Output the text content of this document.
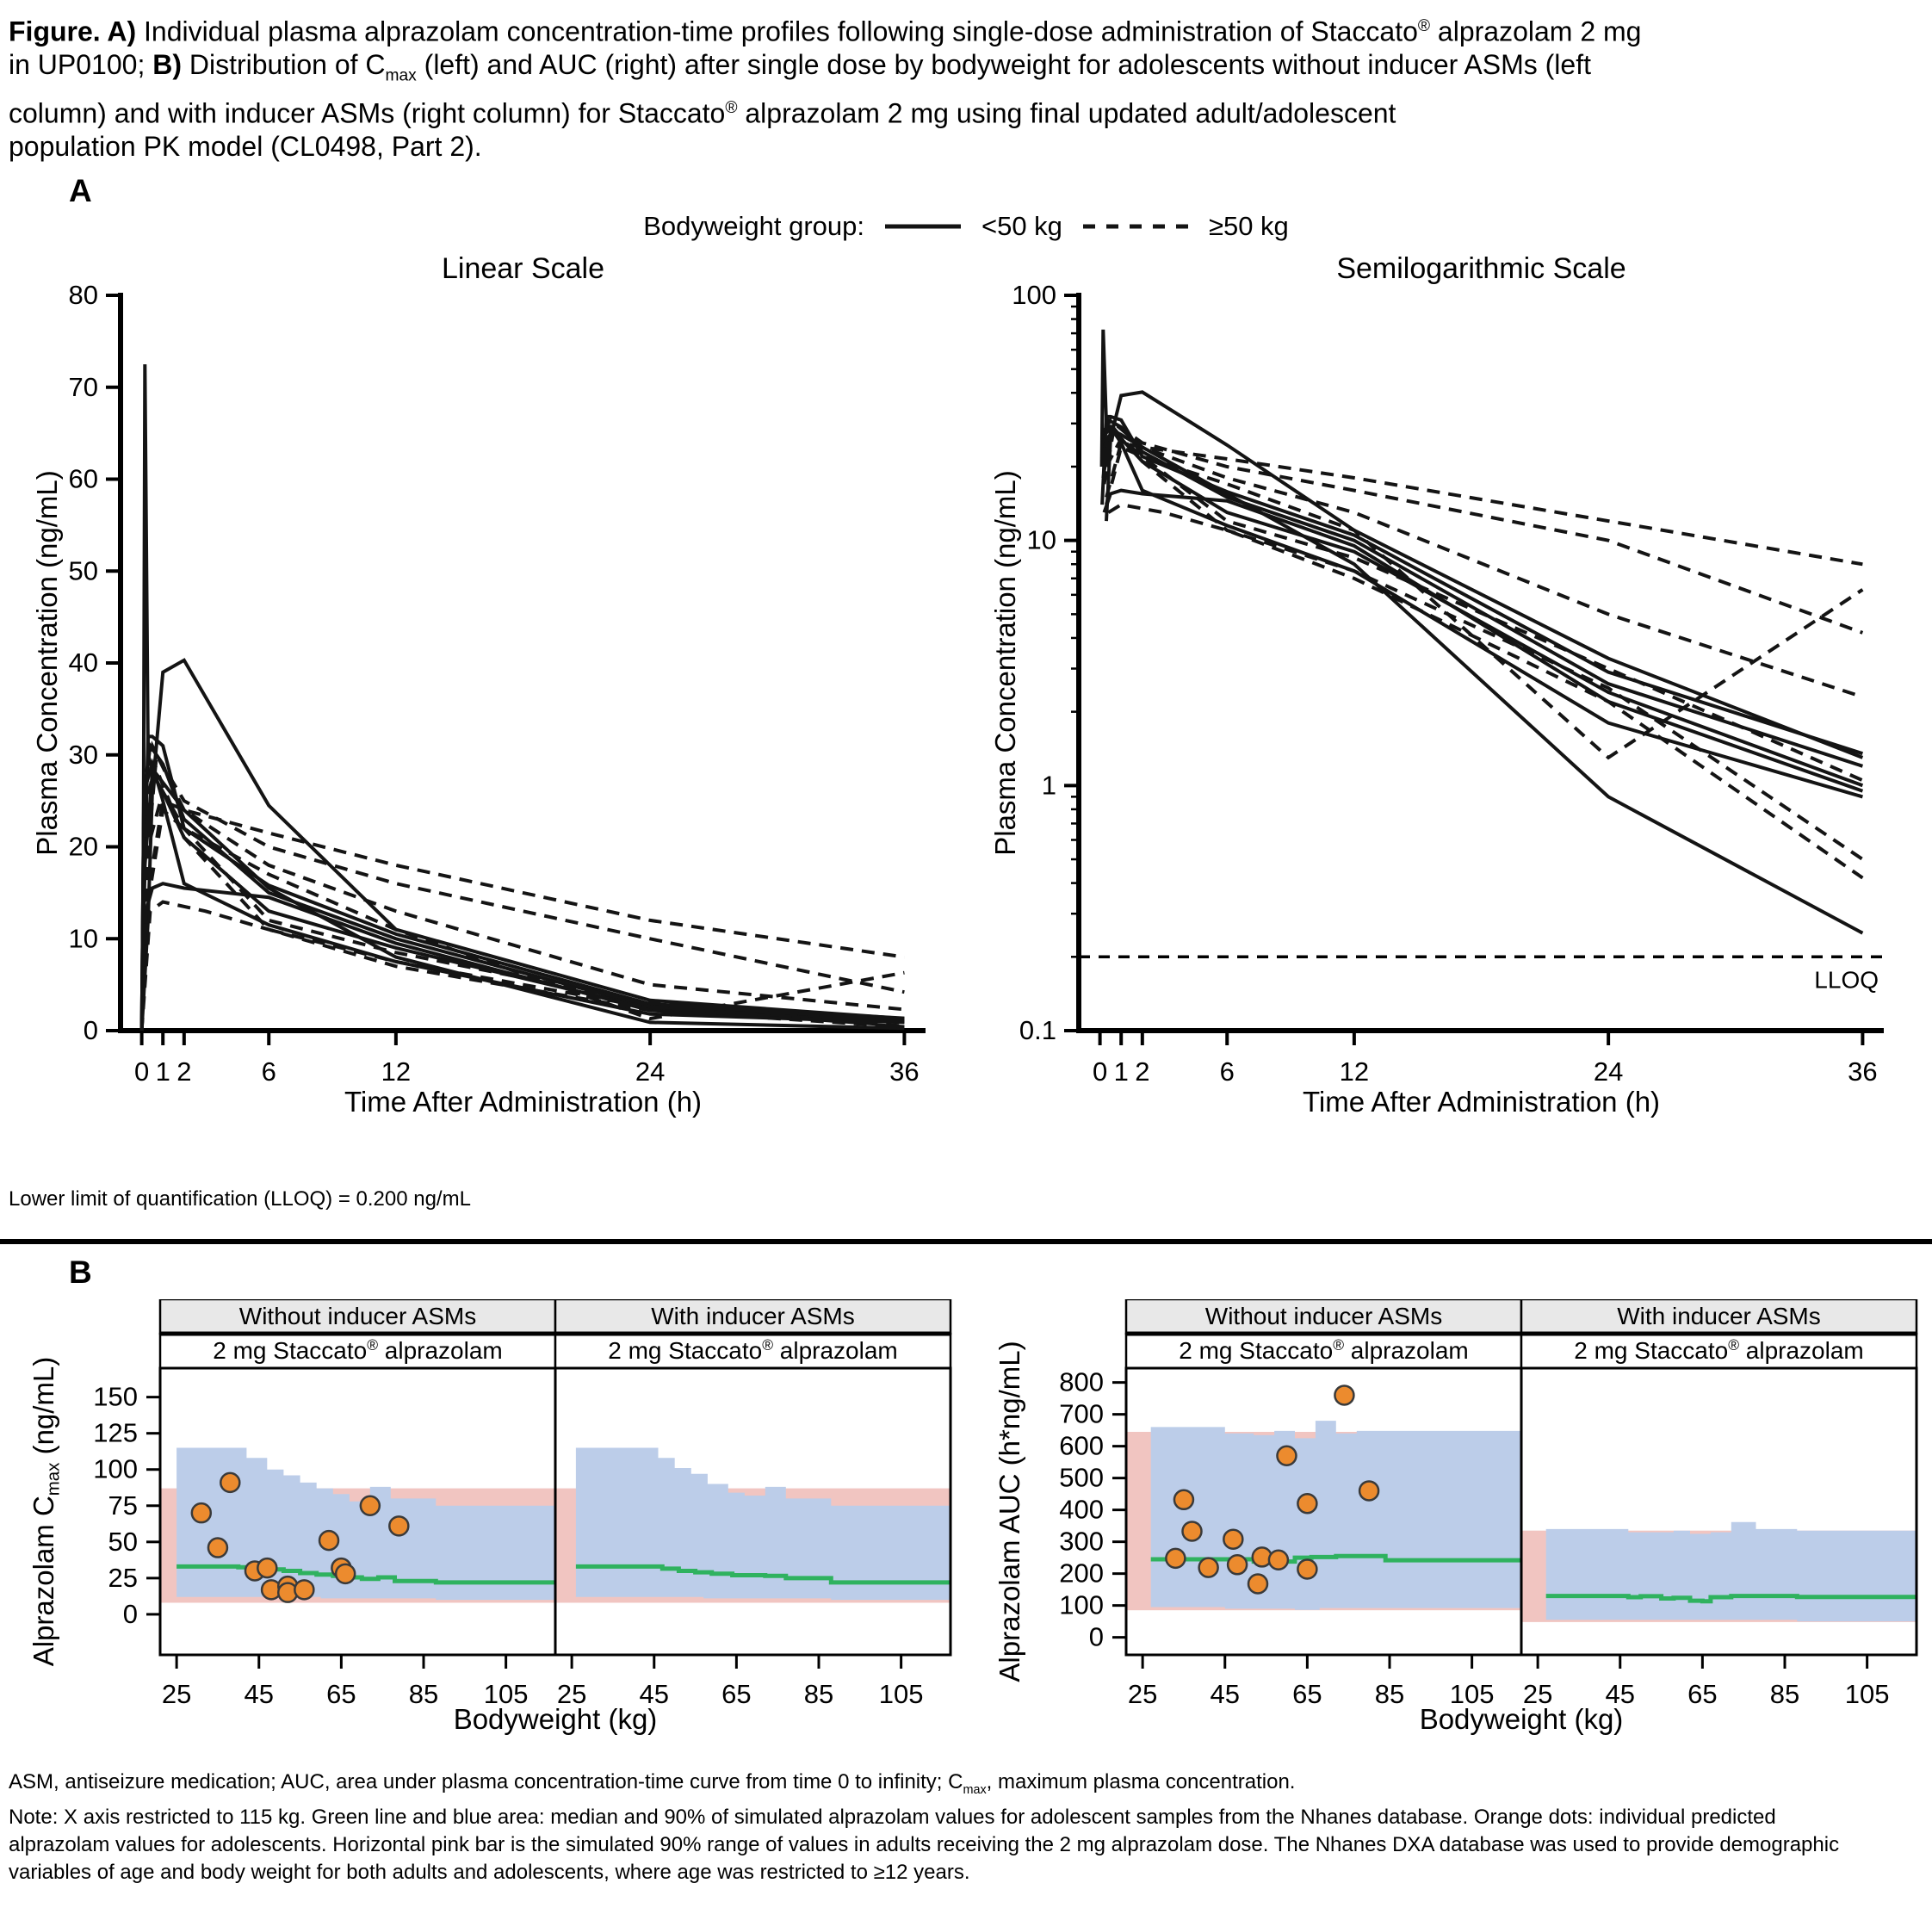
Figure. A) Individual plasma alprazolam concentration-time profiles following single-dose administration of Staccato® alprazolam 2 mg
in UP0100; B) Distribution of $C_{max}$ (left) and AUC (right) after single dose by bodyweight for adolescents without inducer ASMs (left
column) and with inducer ASMs (right column) for Staccato® alprazolam 2 mg using final updated adult/adolescent
population PK model (CL0498, Part 2).
A
Bodyweight group:	<50 kg	≥50 kg
Linear Scale
0
10
20
30
40
50
60
70
80
0 1 2	6	12	24	36
Time After Administration (h)
Plasma Concentration (ng/mL)
Semilogarithmic Scale
0.1
1
10
100
0 1 2	6	12	24	36
Time After Administration (h)
Plasma Concentration (ng/mL)
LLOQ
Lower limit of quantification (LLOQ) = 0.200 ng/mL
B
Without inducer ASMs
2 mg Staccato® alprazolam
25 45 65 85 105
With inducer ASMs
2 mg Staccato® alprazolam
25 45 65 85 105
0
25
50
75
100
125
150
Bodyweight (kg)
Alprazolam $C_{max}$ (ng/mL)
Without inducer ASMs
2 mg Staccato® alprazolam
25 45 65 85 105
With inducer ASMs
2 mg Staccato® alprazolam
25 45 65 85 105
0
100
200
300
400
500
600
700
800
Bodyweight (kg)
Alprazolam AUC (h*ng/mL)
ASM, antiseizure medication; AUC, area under plasma concentration-time curve from time 0 to infinity; $C_{max}$, maximum plasma concentration.
Note: X axis restricted to 115 kg. Green line and blue area: median and 90% of simulated alprazolam values for adolescent samples from the Nhanes database. Orange dots: individual predicted
alprazolam values for adolescents. Horizontal pink bar is the simulated 90% range of values in adults receiving the 2 mg alprazolam dose. The Nhanes DXA database was used to provide demographic
variables of age and body weight for both adults and adolescents, where age was restricted to ≥12 years.
